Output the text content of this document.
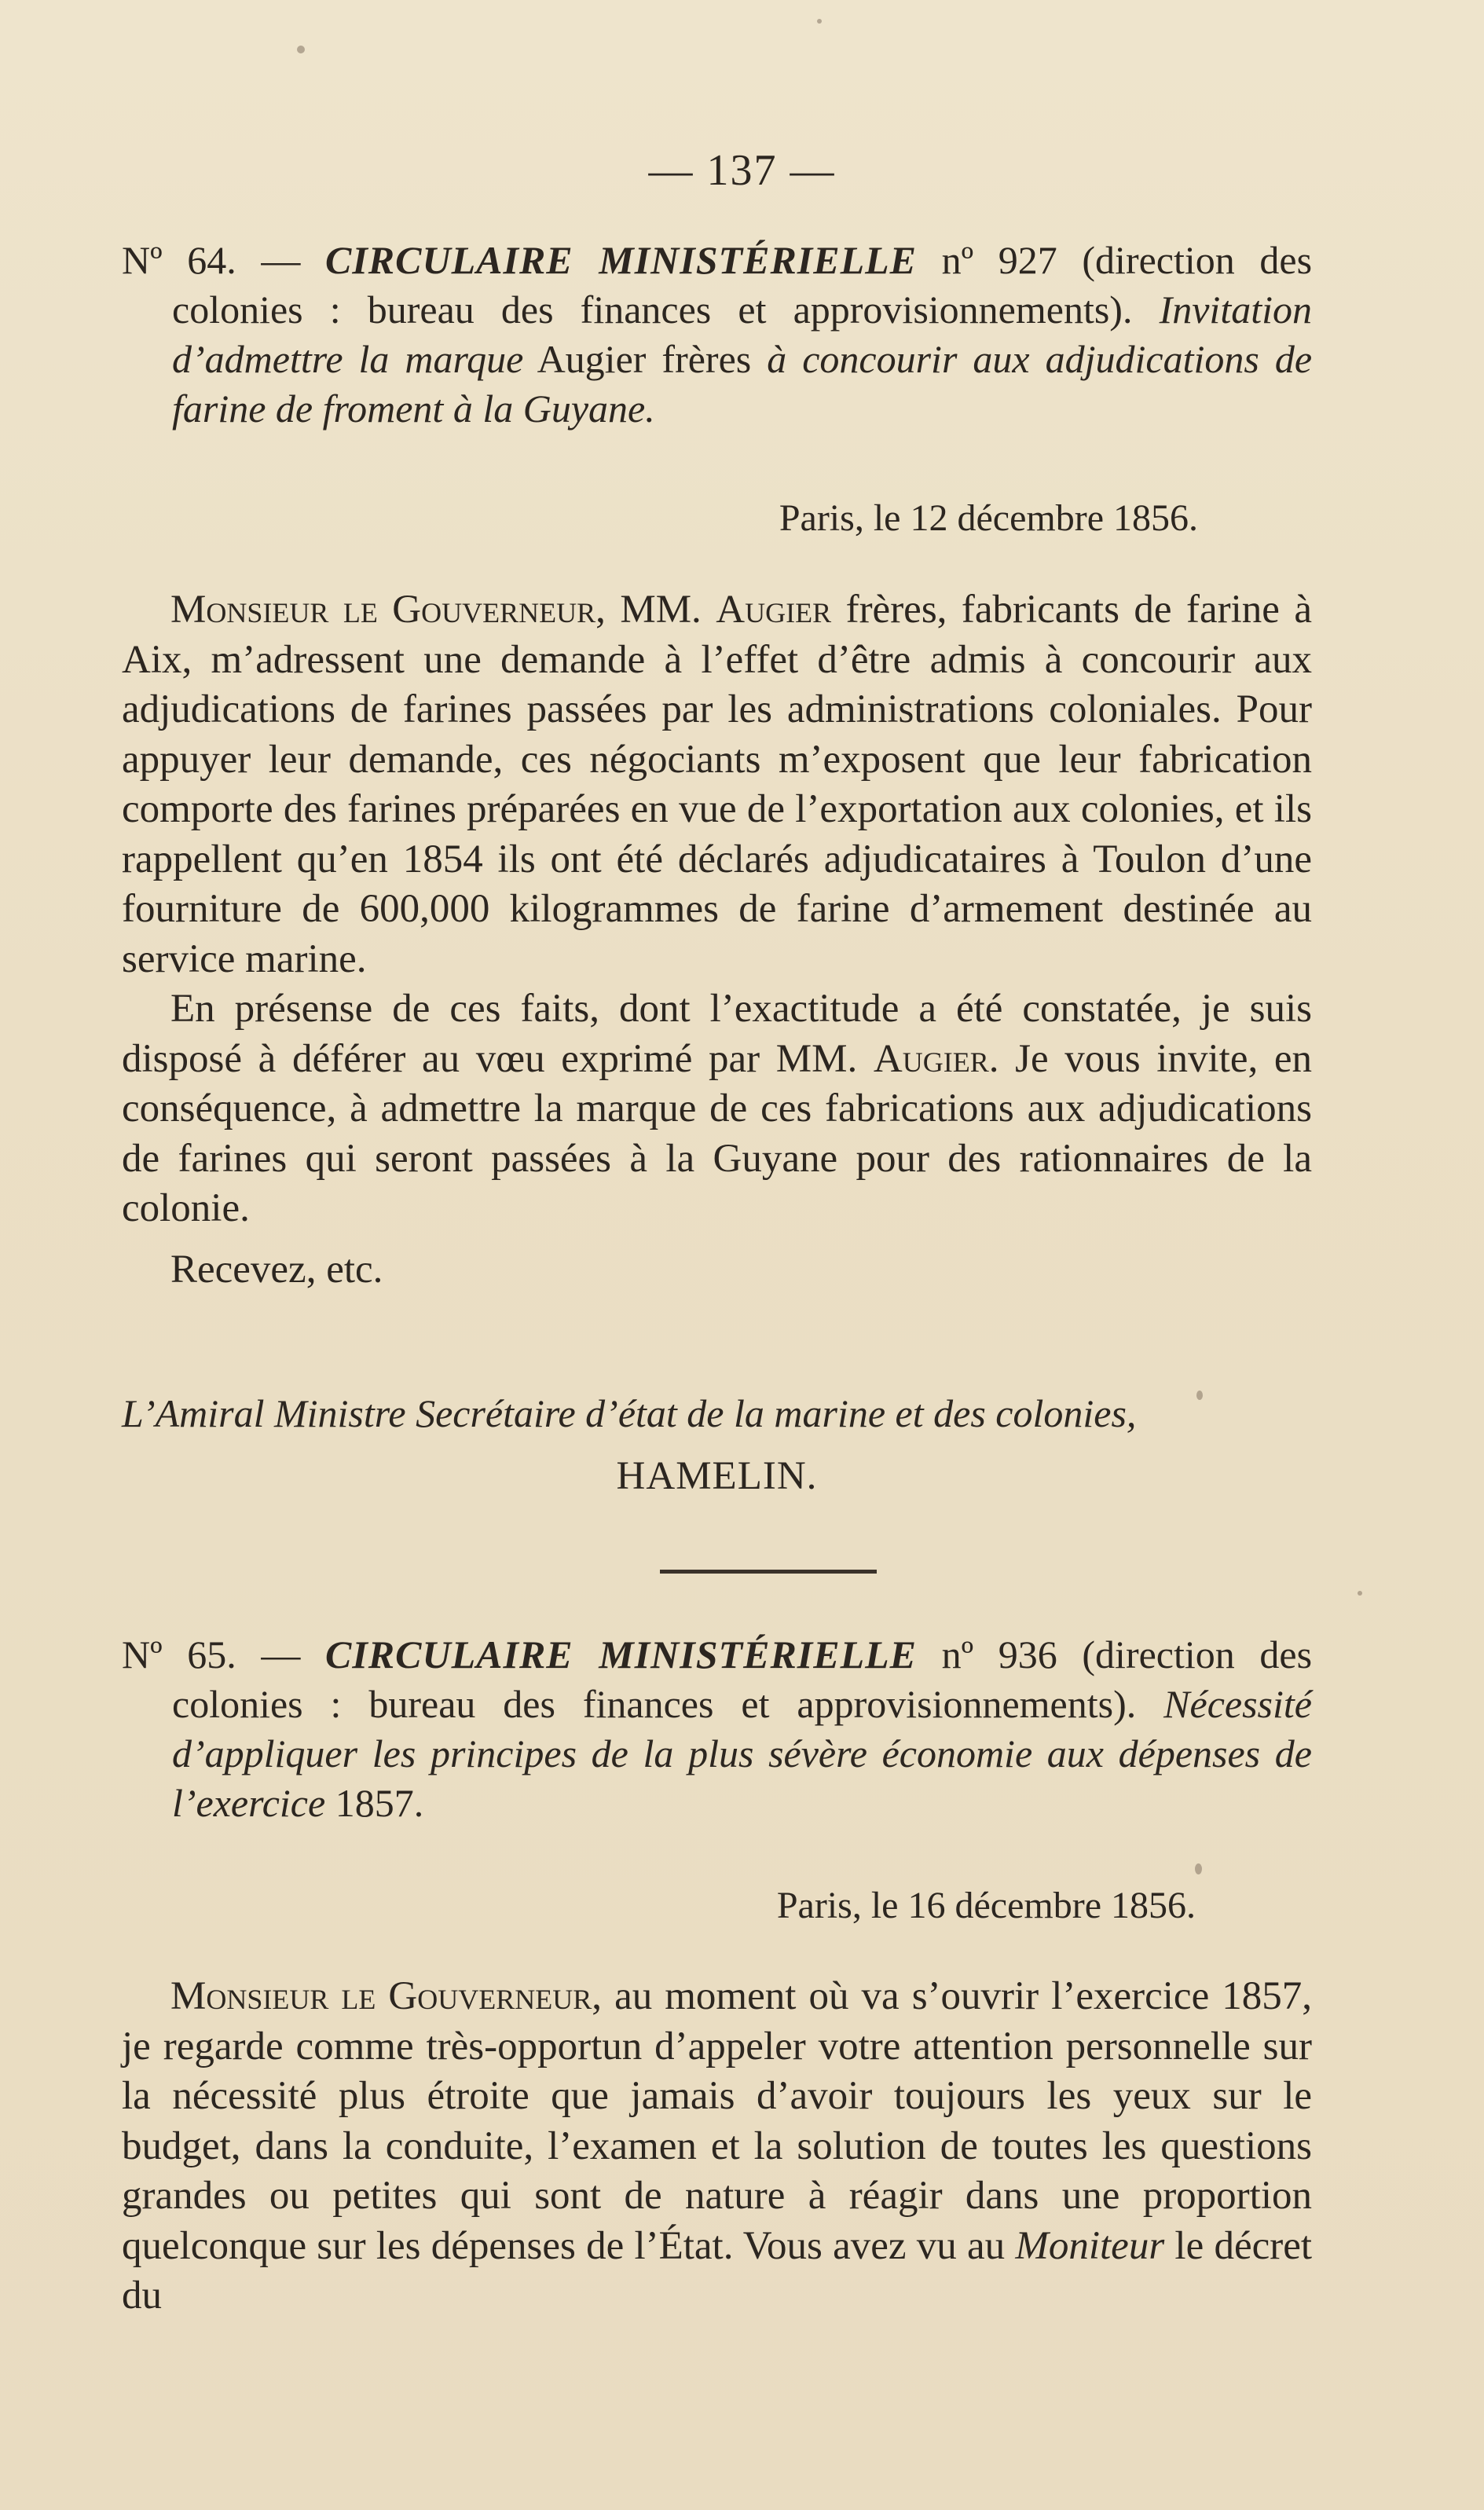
— 137 —

Nº 64. — CIRCULAIRE MINISTÉRIELLE nº 927 (direction des colonies : bureau des finances et approvisionnements). Invitation d’admettre la marque Augier frères à concourir aux adjudications de farine de froment à la Guyane.

Paris, le 12 décembre 1856.

Monsieur le Gouverneur, MM. Augier frères, fabricants de farine à Aix, m’adressent une demande à l’effet d’être admis à concourir aux adjudications de farines passées par les administrations coloniales. Pour appuyer leur demande, ces négociants m’exposent que leur fabrication comporte des farines préparées en vue de l’exportation aux colonies, et ils rappellent qu’en 1854 ils ont été déclarés adjudicataires à Toulon d’une fourniture de 600,000 kilogrammes de farine d’armement destinée au service marine.

En présense de ces faits, dont l’exactitude a été constatée, je suis disposé à déférer au vœu exprimé par MM. Augier. Je vous invite, en conséquence, à admettre la marque de ces fabrications aux adjudications de farines qui seront passées à la Guyane pour des rationnaires de la colonie.

Recevez, etc.

L’Amiral Ministre Secrétaire d’état de la marine et des colonies,

HAMELIN.

Nº 65. — CIRCULAIRE MINISTÉRIELLE nº 936 (direction des colonies : bureau des finances et approvisionnements). Nécessité d’appliquer les principes de la plus sévère économie aux dépenses de l’exercice 1857.

Paris, le 16 décembre 1856.

Monsieur le Gouverneur, au moment où va s’ouvrir l’exercice 1857, je regarde comme très-opportun d’appeler votre attention personnelle sur la nécessité plus étroite que jamais d’avoir toujours les yeux sur le budget, dans la conduite, l’examen et la solution de toutes les questions grandes ou petites qui sont de nature à réagir dans une proportion quelconque sur les dépenses de l’État. Vous avez vu au Moniteur le décret du
